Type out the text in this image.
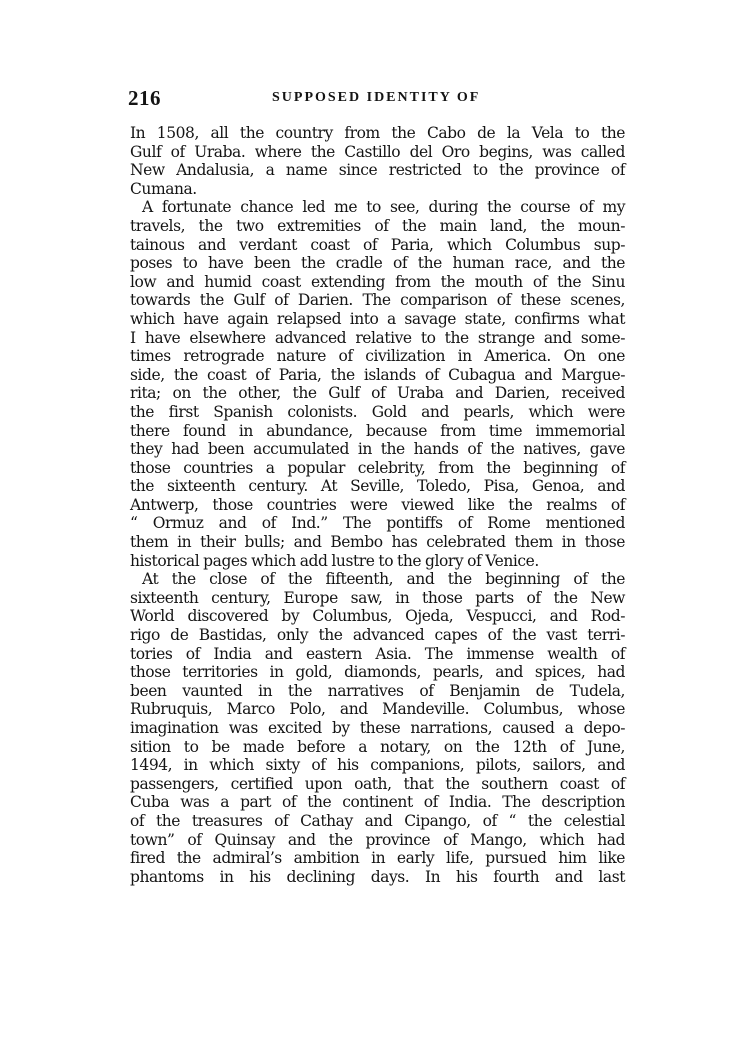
216	SUPPOSED IDENTITY OF
In 1508, all the country from the Cabo de la Vela to the
Gulf of Uraba. where the Castillo del Oro begins, was called
New Andalusia, a name since restricted to the province of
Cumana.
A fortunate chance led me to see, during the course of my
travels, the two extremities of the main land, the moun-
tainous and verdant coast of Paria, which Columbus sup-
poses to have been the cradle of the human race, and the
low and humid coast extending from the mouth of the Sinu
towards the Gulf of Darien. The comparison of these scenes,
which have again relapsed into a savage state, confirms what
I have elsewhere advanced relative to the strange and some-
times retrograde nature of civilization in America. On one
side, the coast of Paria, the islands of Cubagua and Margue-
rita; on the other, the Gulf of Uraba and Darien, received
the first Spanish colonists. Gold and pearls, which were
there found in abundance, because from time immemorial
they had been accumulated in the hands of the natives, gave
those countries a popular celebrity, from the beginning of
the sixteenth century. At Seville, Toledo, Pisa, Genoa, and
Antwerp, those countries were viewed like the realms of
“ Ormuz and of Ind.” The pontiffs of Rome mentioned
them in their bulls; and Bembo has celebrated them in those
historical pages which add lustre to the glory of Venice.
At the close of the fifteenth, and the beginning of the
sixteenth century, Europe saw, in those parts of the New
World discovered by Columbus, Ojeda, Vespucci, and Rod-
rigo de Bastidas, only the advanced capes of the vast terri-
tories of India and eastern Asia. The immense wealth of
those territories in gold, diamonds, pearls, and spices, had
been vaunted in the narratives of Benjamin de Tudela,
Rubruquis, Marco Polo, and Mandeville. Columbus, whose
imagination was excited by these narrations, caused a depo-
sition to be made before a notary, on the 12th of June,
1494, in which sixty of his companions, pilots, sailors, and
passengers, certified upon oath, that the southern coast of
Cuba was a part of the continent of India. The description
of the treasures of Cathay and Cipango, of “ the celestial
town” of Quinsay and the province of Mango, which had
fired the admiral’s ambition in early life, pursued him like
phantoms in his declining days. In his fourth and last
